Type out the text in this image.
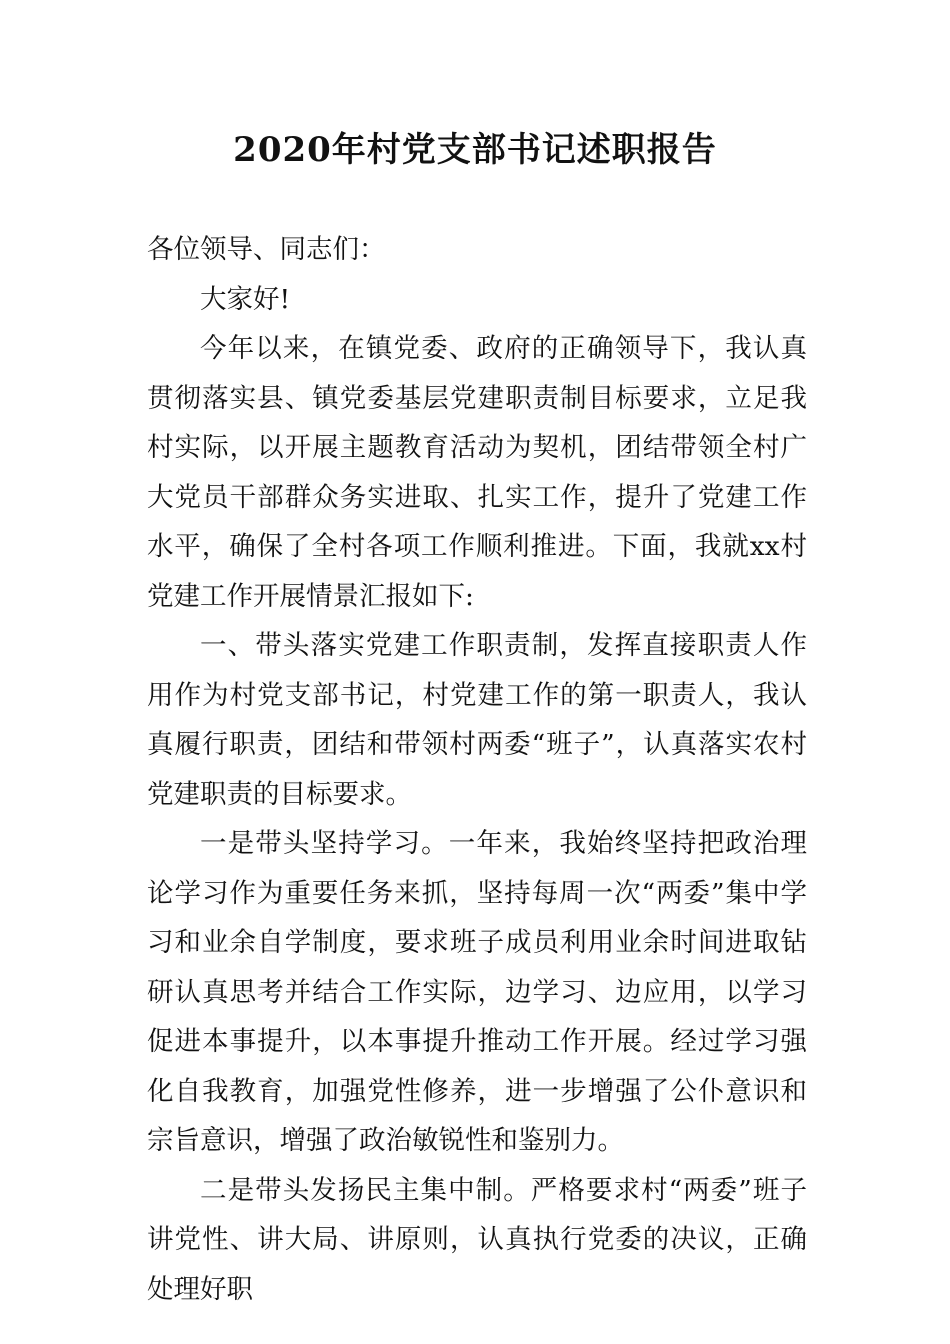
2020年村党支部书记述职报告

各位领导、同志们：

大家好!

今年以来，在镇党委、政府的正确领导下，我认真贯彻落实县、镇党委基层党建职责制目标要求，立足我村实际，以开展主题教育活动为契机，团结带领全村广大党员干部群众务实进取、扎实工作，提升了党建工作水平，确保了全村各项工作顺利推进。下面，我就xx村党建工作开展情景汇报如下:

一、带头落实党建工作职责制，发挥直接职责人作用作为村党支部书记，村党建工作的第一职责人，我认真履行职责，团结和带领村两委“班子”，认真落实农村党建职责的目标要求。

一是带头坚持学习。一年来，我始终坚持把政治理论学习作为重要任务来抓，坚持每周一次“两委”集中学习和业余自学制度，要求班子成员利用业余时间进取钻研认真思考并结合工作实际，边学习、边应用，以学习促进本事提升，以本事提升推动工作开展。经过学习强化自我教育，加强党性修养，进一步增强了公仆意识和宗旨意识，增强了政治敏锐性和鉴别力。

二是带头发扬民主集中制。严格要求村“两委”班子讲党性、讲大局、讲原则，认真执行党委的决议，正确处理好职
